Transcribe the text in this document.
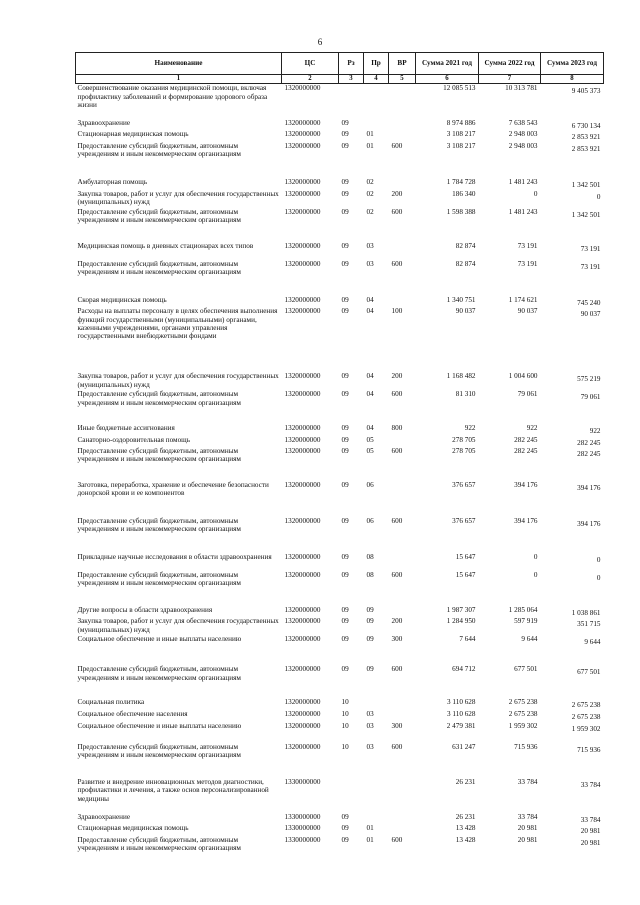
6
Наименование	ЦС	Рз	Пр	ВР	Сумма 2021 год	Сумма 2022 год	Сумма 2023 год
1	2	3	4	5	6	7	8
Совершенствование оказания медицинской помощи, включая профилактику заболеваний и формирование здорового образа жизни	1320000000				12 085 513	10 313 781	9 405 373
Здравоохранение	1320000000	09			8 974 886	7 638 543	6 730 134
Стационарная медицинская помощь	1320000000	09	01		3 108 217	2 948 003	2 853 921
Предоставление субсидий бюджетным, автономным учреждениям и иным некоммерческим организациям	1320000000	09	01	600	3 108 217	2 948 003	2 853 921
Амбулаторная помощь	1320000000	09	02		1 784 728	1 481 243	1 342 501
Закупка товаров, работ и услуг для обеспечения государственных (муниципальных) нужд	1320000000	09	02	200	186 340	0	0
Предоставление субсидий бюджетным, автономным учреждениям и иным некоммерческим организациям	1320000000	09	02	600	1 598 388	1 481 243	1 342 501
Медицинская помощь в дневных стационарах всех типов	1320000000	09	03		82 874	73 191	73 191
Предоставление субсидий бюджетным, автономным учреждениям и иным некоммерческим организациям	1320000000	09	03	600	82 874	73 191	73 191
Скорая медицинская помощь	1320000000	09	04		1 340 751	1 174 621	745 240
Расходы на выплаты персоналу в целях обеспечения выполнения функций государственными (муниципальными) органами, казенными учреждениями, органами управления государственными внебюджетными фондами	1320000000	09	04	100	90 037	90 037	90 037
Закупка товаров, работ и услуг для обеспечения государственных (муниципальных) нужд	1320000000	09	04	200	1 168 482	1 004 600	575 219
Предоставление субсидий бюджетным, автономным учреждениям и иным некоммерческим организациям	1320000000	09	04	600	81 310	79 061	79 061
Иные бюджетные ассигнования	1320000000	09	04	800	922	922	922
Санаторно-оздоровительная помощь	1320000000	09	05		278 705	282 245	282 245
Предоставление субсидий бюджетным, автономным учреждениям и иным некоммерческим организациям	1320000000	09	05	600	278 705	282 245	282 245
Заготовка, переработка, хранение и обеспечение безопасности донорской крови и ее компонентов	1320000000	09	06		376 657	394 176	394 176
Предоставление субсидий бюджетным, автономным учреждениям и иным некоммерческим организациям	1320000000	09	06	600	376 657	394 176	394 176
Прикладные научные исследования в области здравоохранения	1320000000	09	08		15 647	0	0
Предоставление субсидий бюджетным, автономным учреждениям и иным некоммерческим организациям	1320000000	09	08	600	15 647	0	0
Другие вопросы в области здравоохранения	1320000000	09	09		1 987 307	1 285 064	1 038 861
Закупка товаров, работ и услуг для обеспечения государственных (муниципальных) нужд	1320000000	09	09	200	1 284 950	597 919	351 715
Социальное обеспечение и иные выплаты населению	1320000000	09	09	300	7 644	9 644	9 644
Предоставление субсидий бюджетным, автономным учреждениям и иным некоммерческим организациям	1320000000	09	09	600	694 712	677 501	677 501
Социальная политика	1320000000	10			3 110 628	2 675 238	2 675 238
Социальное обеспечение населения	1320000000	10	03		3 110 628	2 675 238	2 675 238
Социальное обеспечение и иные выплаты населению	1320000000	10	03	300	2 479 381	1 959 302	1 959 302
Предоставление субсидий бюджетным, автономным учреждениям и иным некоммерческим организациям	1320000000	10	03	600	631 247	715 936	715 936
Развитие и внедрение инновационных методов диагностики, профилактики и лечения, а также основ персонализированной медицины	1330000000				26 231	33 784	33 784
Здравоохранение	1330000000	09			26 231	33 784	33 784
Стационарная медицинская помощь	1330000000	09	01		13 428	20 981	20 981
Предоставление субсидий бюджетным, автономным учреждениям и иным некоммерческим организациям	1330000000	09	01	600	13 428	20 981	20 981
